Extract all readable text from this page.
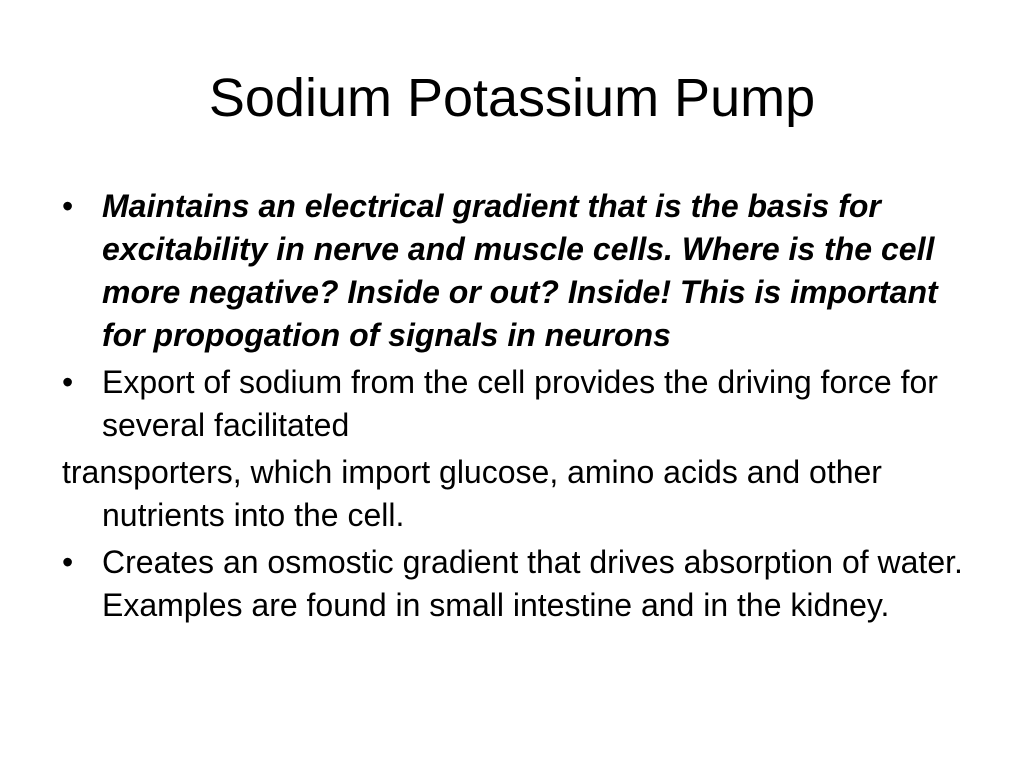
Sodium Potassium Pump
• Maintains an electrical gradient that is the basis for excitability in nerve and muscle cells. Where is the cell more negative? Inside or out? Inside! This is important for propogation of signals in neurons
• Export of sodium from the cell provides the driving force for several facilitated
transporters, which import glucose, amino acids and other nutrients into the cell.
• Creates an osmostic gradient that drives absorption of water. Examples are found in small intestine and in the kidney.
